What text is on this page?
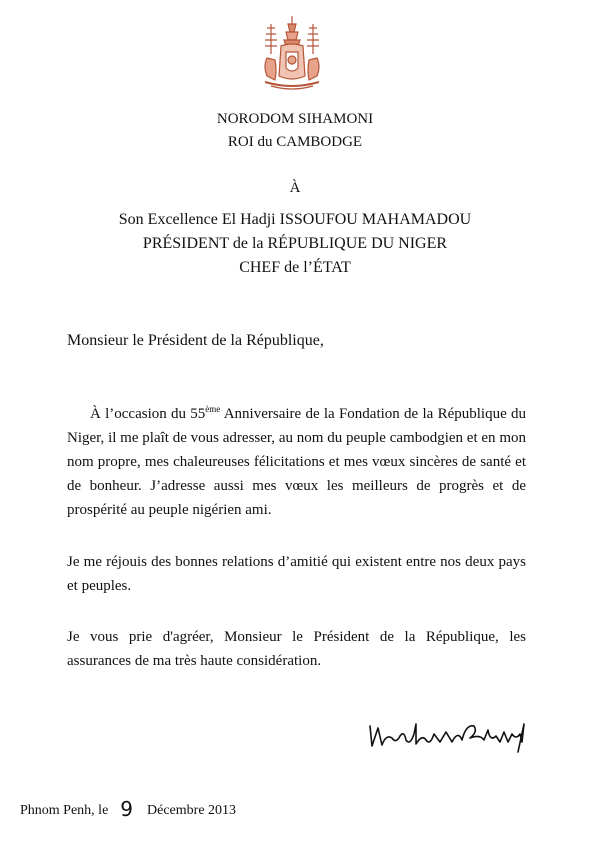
NORODOM SIHAMONI
ROI du CAMBODGE
À
Son Excellence El Hadji ISSOUFOU MAHAMADOU
PRÉSIDENT de la RÉPUBLIQUE DU NIGER
CHEF de l’ÉTAT
Monsieur le Président de la République,
À l’occasion du 55ème Anniversaire de la Fondation de la République du Niger, il me plaît de vous adresser, au nom du peuple cambodgien et en mon nom propre, mes chaleureuses félicitations et mes vœux sincères de santé et de bonheur. J’adresse aussi mes vœux les meilleurs de progrès et de prospérité au peuple nigérien ami.
Je me réjouis des bonnes relations d’amitié qui existent entre nos deux pays et peuples.
Je vous prie d'agréer, Monsieur le Président de la République, les assurances de ma très haute considération.
Phnom Penh, le 9 Décembre 2013
